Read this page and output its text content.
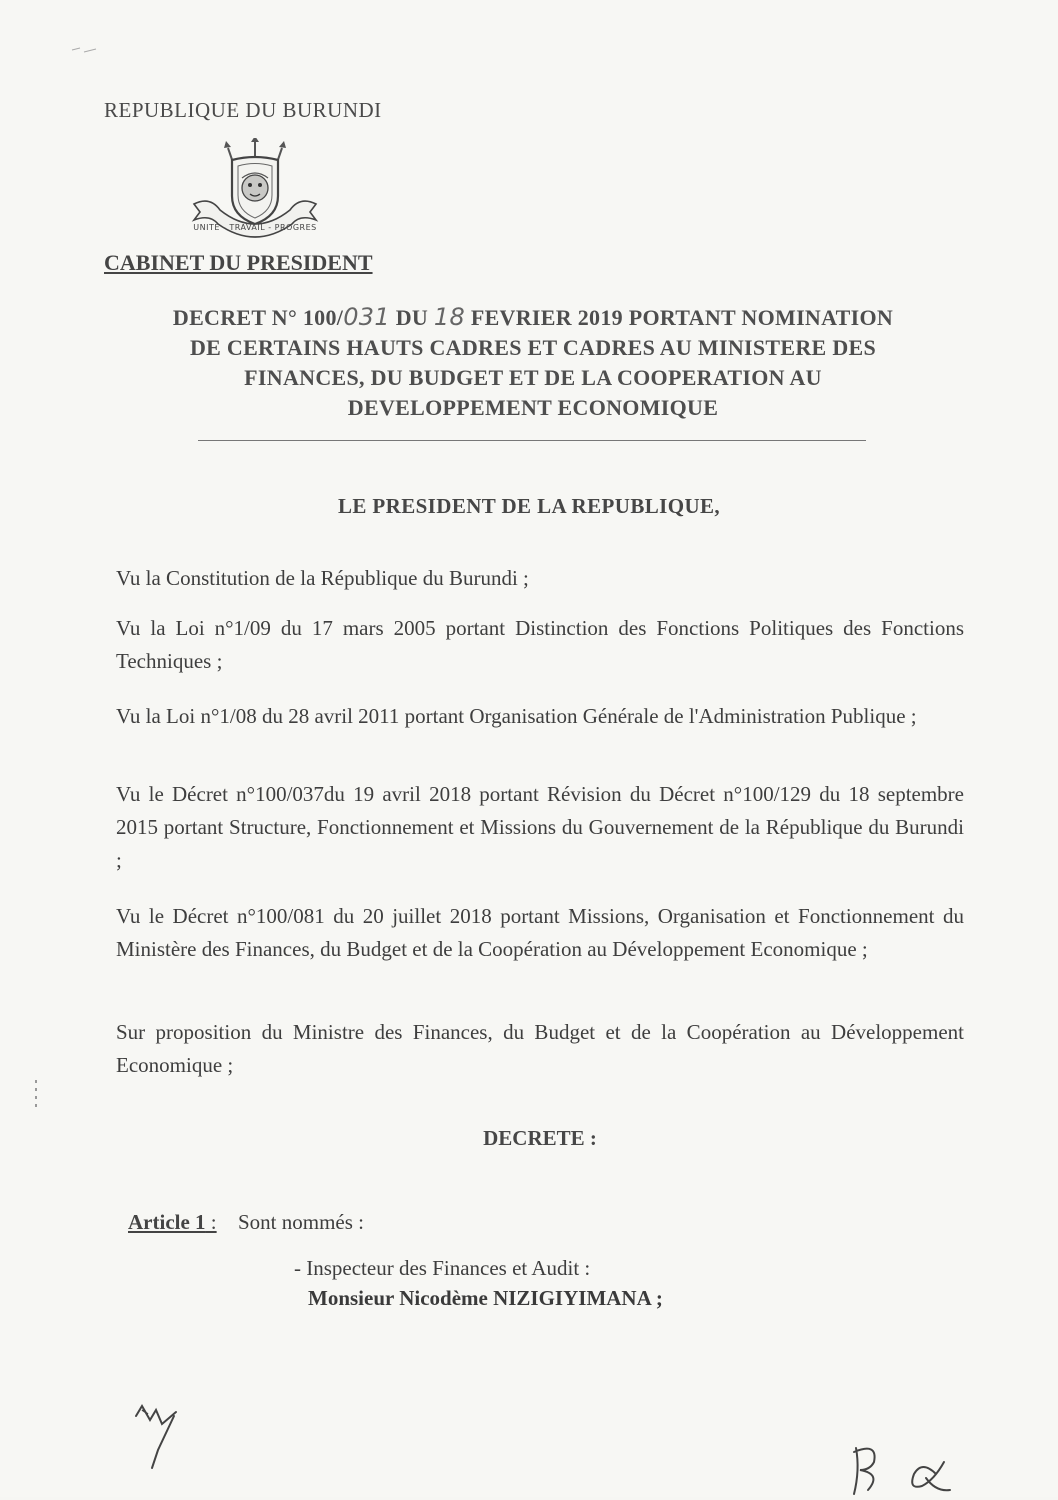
REPUBLIQUE DU BURUNDI
UNITE - TRAVAIL - PROGRES
CABINET DU PRESIDENT
DECRET N° 100/031 DU 18 FEVRIER 2019 PORTANT NOMINATION
DE CERTAINS HAUTS CADRES ET CADRES AU MINISTERE DES
FINANCES, DU BUDGET ET DE LA COOPERATION AU
DEVELOPPEMENT ECONOMIQUE
LE PRESIDENT DE LA REPUBLIQUE,
Vu la Constitution de la République du Burundi ;
Vu la Loi n°1/09 du 17 mars 2005 portant Distinction des Fonctions Politiques des Fonctions Techniques ;
Vu la Loi n°1/08 du 28 avril 2011 portant Organisation Générale de l'Administration Publique ;
Vu le Décret n°100/037du 19 avril 2018 portant Révision du Décret n°100/129 du 18 septembre 2015 portant Structure, Fonctionnement et Missions du Gouvernement de la République du Burundi ;
Vu le Décret n°100/081 du 20 juillet 2018 portant Missions, Organisation et Fonctionnement du Ministère des Finances, du Budget et de la Coopération au Développement Economique ;
Sur proposition du Ministre des Finances, du Budget et de la Coopération au Développement Economique ;
DECRETE :
Article 1 : Sont nommés :
- Inspecteur des Finances et Audit :
Monsieur Nicodème NIZIGIYIMANA ;
